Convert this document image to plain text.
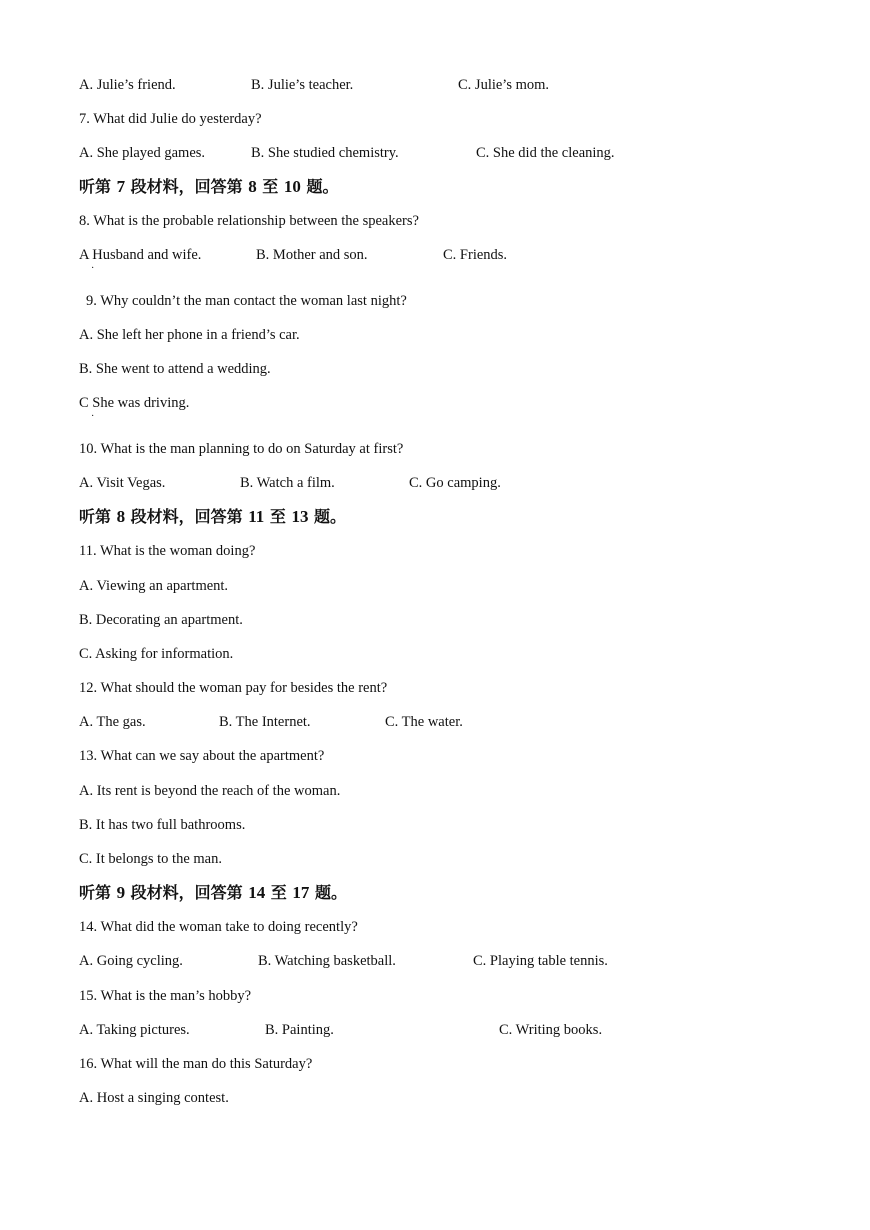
A. Julie’s friend.	B. Julie’s teacher.	C. Julie’s mom.
7. What did Julie do yesterday?
A. She played games.	B. She studied chemistry.	C. She did the cleaning.
听第 7 段材料，回答第 8 至 10 题。
8. What is the probable relationship between the speakers?
A Husband and wife.	B. Mother and son.	C. Friends.
9. Why couldn’t the man contact the woman last night?
A. She left her phone in a friend’s car.
B. She went to attend a wedding.
C She was driving.
10. What is the man planning to do on Saturday at first?
A. Visit Vegas.	B. Watch a film.	C. Go camping.
听第 8 段材料，回答第 11 至 13 题。
11. What is the woman doing?
A. Viewing an apartment.
B. Decorating an apartment.
C. Asking for information.
12. What should the woman pay for besides the rent?
A. The gas.	B. The Internet.	C. The water.
13. What can we say about the apartment?
A. Its rent is beyond the reach of the woman.
B. It has two full bathrooms.
C. It belongs to the man.
听第 9 段材料，回答第 14 至 17 题。
14. What did the woman take to doing recently?
A. Going cycling.	B. Watching basketball.	C. Playing table tennis.
15. What is the man’s hobby?
A. Taking pictures.	B. Painting.	C. Writing books.
16. What will the man do this Saturday?
A. Host a singing contest.
·
·
